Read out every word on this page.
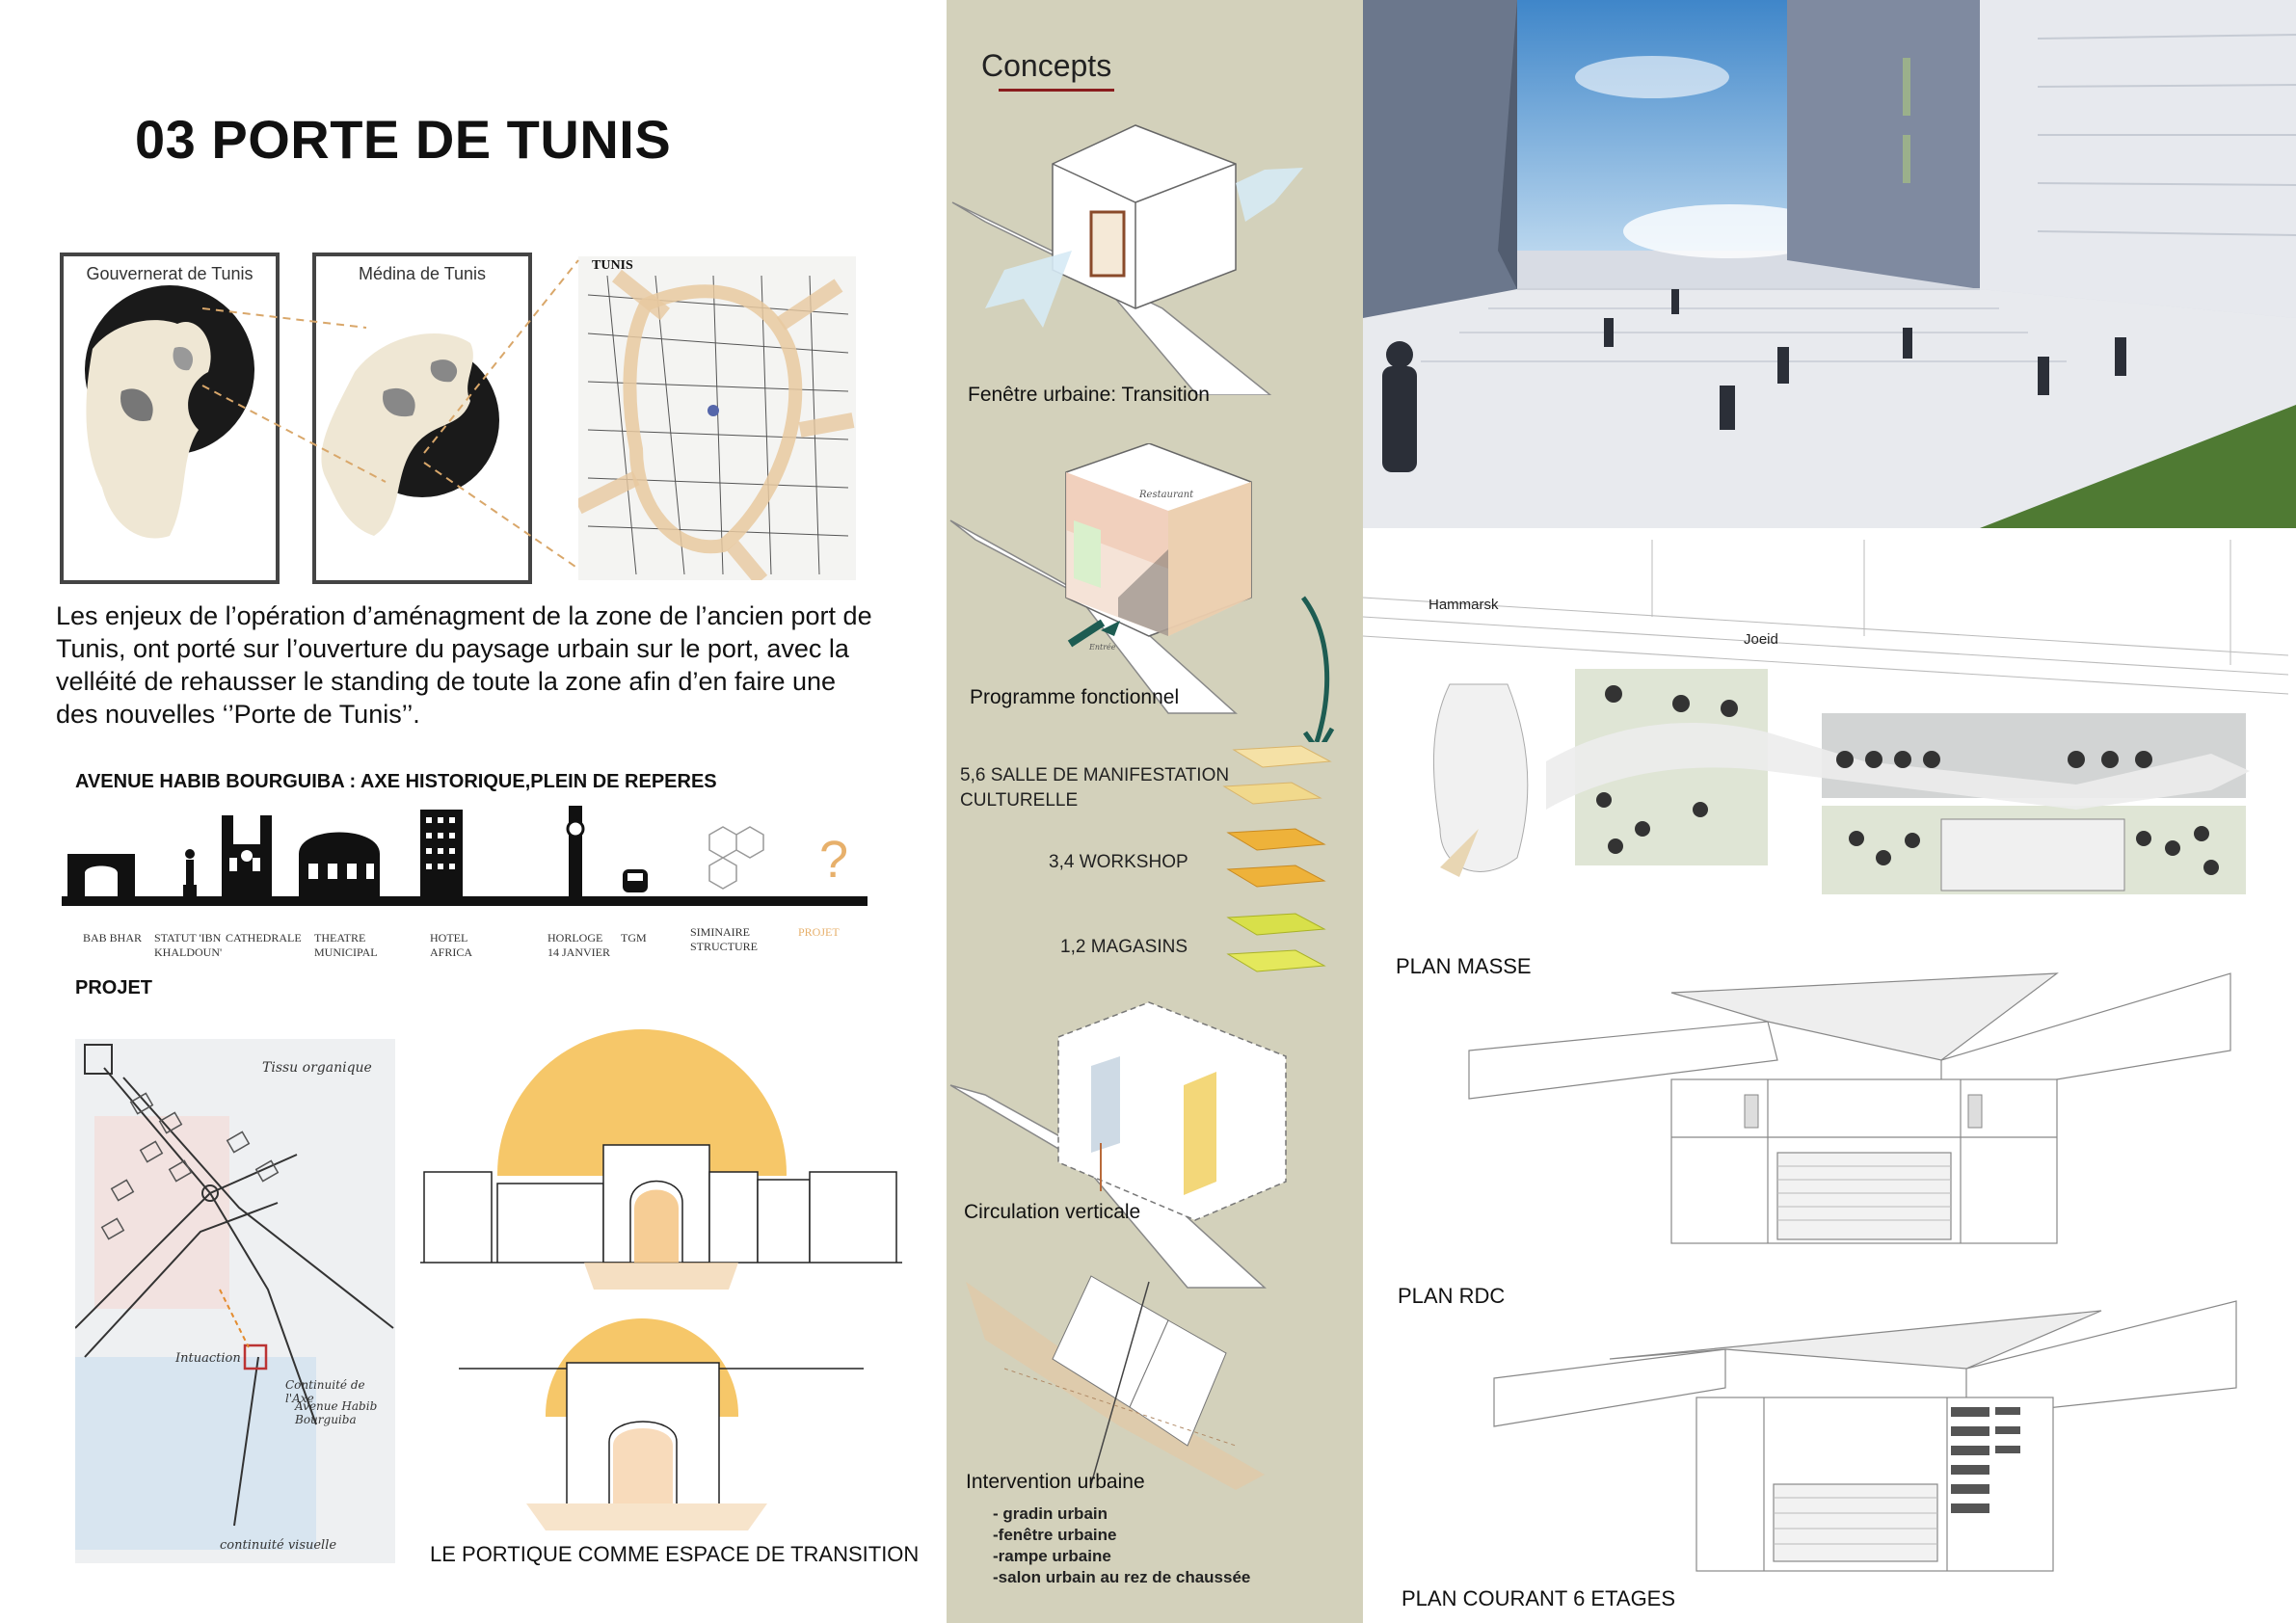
03 PORTE DE TUNIS
Gouvernerat de Tunis	Médina de Tunis	TUNIS
Les enjeux de l’opération d’aménagment de la zone de l’ancien port de Tunis, ont porté sur l’ouverture du paysage urbain sur le port, avec la velléité de rehausser le standing de toute la zone afin d’en faire une des nouvelles ‘’Porte de Tunis’’.
AVENUE HABIB BOURGUIBA : AXE HISTORIQUE,PLEIN DE REPERES
?
BAB BHAR STATUT 'IBN KHALDOUN'
CATHEDRALE THEATRE MUNICIPAL
HOTEL AFRICA
HORLOGE 14 JANVIER
TGM	SIMINAIRE STRUCTURE
PROJET
PROJET
Tissu organique
Intuaction
Continuité de l'Axe
Avenue Habib Bourguiba
continuité visuelle	LE PORTIQUE COMME ESPACE DE TRANSITION
Concepts
Fenêtre urbaine: Transition
Restaurant
Entrée
Programme fonctionnel
5,6 SALLE DE MANIFESTATION CULTURELLE
3,4 WORKSHOP
1,2 MAGASINS
Circulation verticale
Intervention urbaine
- gradin urbain
-fenêtre urbaine
-rampe urbaine
-salon urbain au rez de chaussée
Hammarsk
Joeid
PLAN MASSE
PLAN RDC
PLAN COURANT 6 ETAGES
